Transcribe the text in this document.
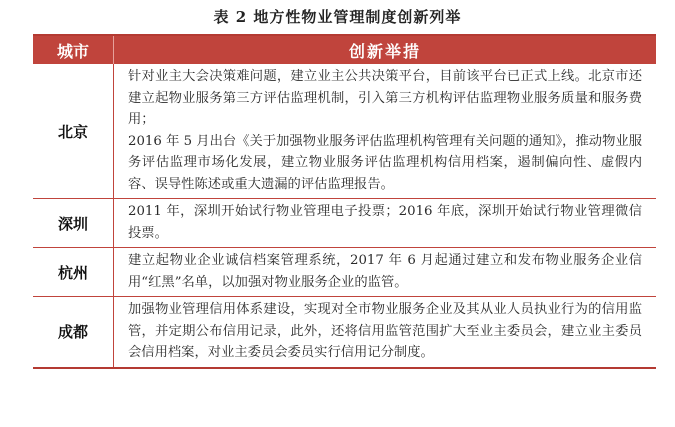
表 2 地方性物业管理制度创新列举
城市	创新举措
北京

针对业主大会决策难问题，建立业主公共决策平台，目前该平台已正式上线。北京市还建立起物业服务第三方评估监理机制，引入第三方机构评估监理物业服务质量和服务费用；

2016 年 5 月出台《关于加强物业服务评估监理机构管理有关问题的通知》，推动物业服务评估监理市场化发展，建立物业服务评估监理机构信用档案，遏制偏向性、虚假内容、误导性陈述或重大遗漏的评估监理报告。

深圳

2011 年，深圳开始试行物业管理电子投票；2016 年底，深圳开始试行物业管理微信投票。

杭州

建立起物业企业诚信档案管理系统，2017 年 6 月起通过建立和发布物业服务企业信用“红黑”名单，以加强对物业服务企业的监管。

成都

加强物业管理信用体系建设，实现对全市物业服务企业及其从业人员执业行为的信用监管，并定期公布信用记录，此外，还将信用监管范围扩大至业主委员会，建立业主委员会信用档案，对业主委员会委员实行信用记分制度。
